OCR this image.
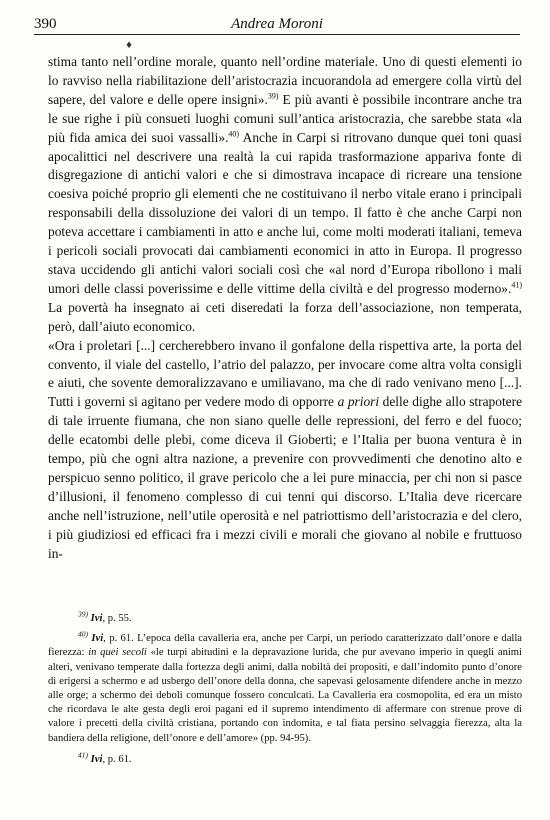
390	Andrea Moroni
♦

stima tanto nell’ordine morale, quanto nell’ordine materiale. Uno di questi elementi io lo ravviso nella riabilitazione dell’aristocrazia incuorandola ad emergere colla virtù del sapere, del valore e delle opere insigni».$^{39)}$ E più avanti è possibile incontrare anche tra le sue righe i più consueti luoghi comuni sull’antica aristocrazia, che sarebbe stata «la più fida amica dei suoi vassalli».$^{40)}$ Anche in Carpi si ritrovano dunque quei toni quasi apocalittici nel descrivere una realtà la cui rapida trasformazione appariva fonte di disgregazione di antichi valori e che si dimostrava incapace di ricreare una tensione coesiva poiché proprio gli elementi che ne costituivano il nerbo vitale erano i principali responsabili della dissoluzione dei valori di un tempo. Il fatto è che anche Carpi non poteva accettare i cambiamenti in atto e anche lui, come molti moderati italiani, temeva i pericoli sociali provocati dai cambiamenti economici in atto in Europa. Il progresso stava uccidendo gli antichi valori sociali così che «al nord d’Europa ribollono i mali umori delle classi poverissime e delle vittime della civiltà e del progresso moderno».$^{41)}$ La povertà ha insegnato ai ceti diseredati la forza dell’associazione, non temperata, però, dall’aiuto economico.

«Ora i proletari [...] cercherebbero invano il gonfalone della rispettiva arte, la porta del convento, il viale del castello, l’atrio del palazzo, per invocare come altra volta consigli e aiuti, che sovente demoralizzavano e umiliavano, ma che di rado venivano meno [...]. Tutti i governi si agitano per vedere modo di opporre a priori delle dighe allo strapotere di tale irruente fiumana, che non siano quelle delle repressioni, del ferro e del fuoco; delle ecatombi delle plebi, come diceva il Gioberti; e l’Italia per buona ventura è in tempo, più che ogni altra nazione, a prevenire con provvedimenti che denotino alto e perspicuo senno politico, il grave pericolo che a lei pure minaccia, per chi non si pasce d’illusioni, il fenomeno complesso di cui tenni qui discorso. L’Italia deve ricercare anche nell’istruzione, nell’utile operosità e nel patriottismo dell’aristocrazia e del clero, i più giudiziosi ed efficaci fra i mezzi civili e morali che giovano al nobile e fruttuoso in-

$^{39)}$ Ivi, p. 55.

$^{40)}$ Ivi, p. 61. L’epoca della cavalleria era, anche per Carpi, un periodo caratterizzato dall’onore e dalla fierezza: in quei secoli «le turpi abitudini e la depravazione lurida, che pur avevano imperio in quegli animi alteri, venivano temperate dalla fortezza degli animi, dalla nobiltà dei propositi, e dall’indomito punto d’onore di erigersi a schermo e ad usbergo dell’onore della donna, che sapevasi gelosamente difendere anche in mezzo alle orge; a schermo dei deboli comunque fossero conculcati. La Cavalleria era cosmopolita, ed era un misto che ricordava le alte gesta degli eroi pagani ed il supremo intendimento di affermare con strenue prove di valore i precetti della civiltà cristiana, portando con indomita, e tal fiata persino selvaggia fierezza, alta la bandiera della religione, dell’onore e dell’amore» (pp. 94-95).

$^{41)}$ Ivi, p. 61.
